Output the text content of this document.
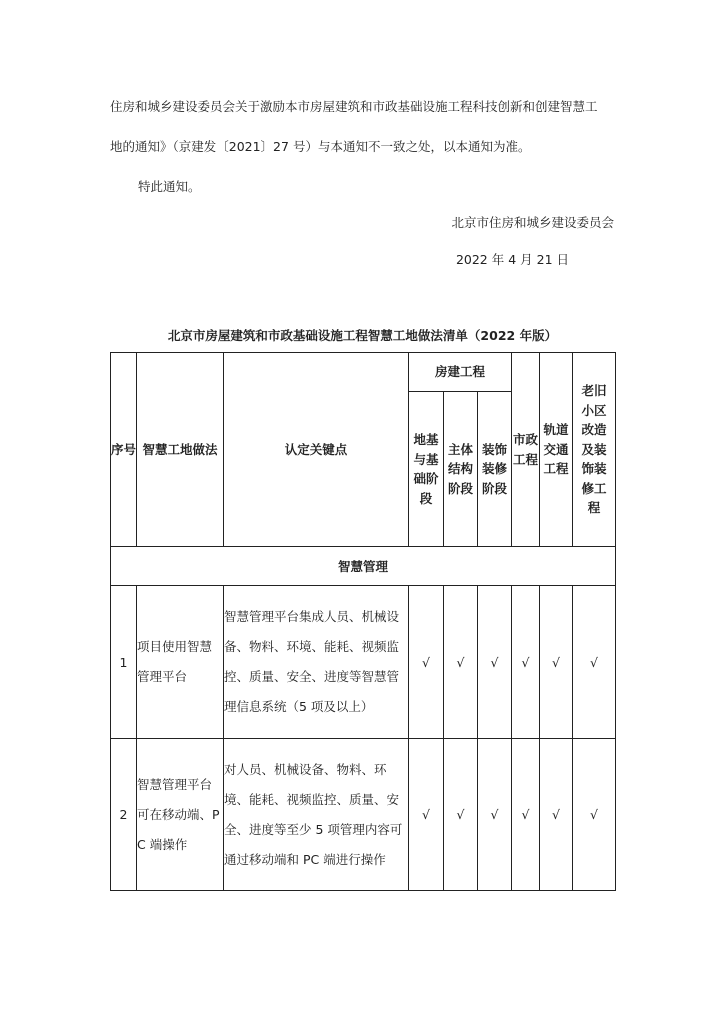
住房和城乡建设委员会关于激励本市房屋建筑和市政基础设施工程科技创新和创建智慧工
地的通知》（京建发〔2021〕27 号）与本通知不一致之处，以本通知为准。
特此通知。
北京市住房和城乡建设委员会
2022 年 4 月 21 日
北京市房屋建筑和市政基础设施工程智慧工地做法清单（2022 年版）
序号	智慧工地做法	认定关键点	房建工程			市政工程	轨道交通工程	老旧小区改造及装饰装修工程
			地基与基础阶段	主体结构阶段	装饰装修阶段			
智慧管理								
1	项目使用智慧管理平台	智慧管理平台集成人员、机械设备、物料、环境、能耗、视频监控、质量、安全、进度等智慧管理信息系统（5 项及以上）	√	√	√	√	√	√
2	智慧管理平台可在移动端、PC 端操作	对人员、机械设备、物料、环境、能耗、视频监控、质量、安全、进度等至少 5 项管理内容可通过移动端和 PC 端进行操作	√	√	√	√	√	√
